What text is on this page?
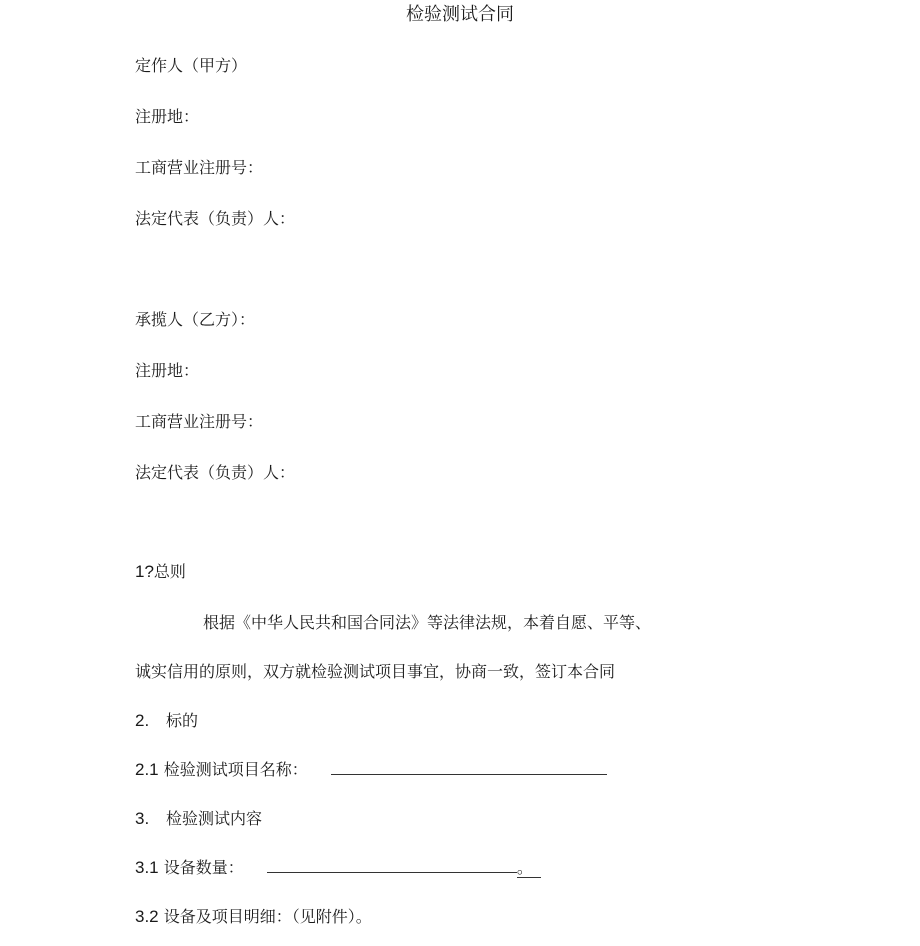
检验测试合同
定作人（甲方）
注册地：
工商营业注册号：
法定代表（负责）人：
承揽人（乙方）：
注册地：
工商营业注册号：
法定代表（负责）人：
1?总则
根据《中华人民共和国合同法》等法律法规，本着自愿、平等、
诚实信用的原则，双方就检验测试项目事宜，协商一致，签订本合同
2. 标的
2.1 检验测试项目名称：
3. 检验测试内容
3.1 设备数量：	。
3.2 设备及项目明细：（见附件）。
